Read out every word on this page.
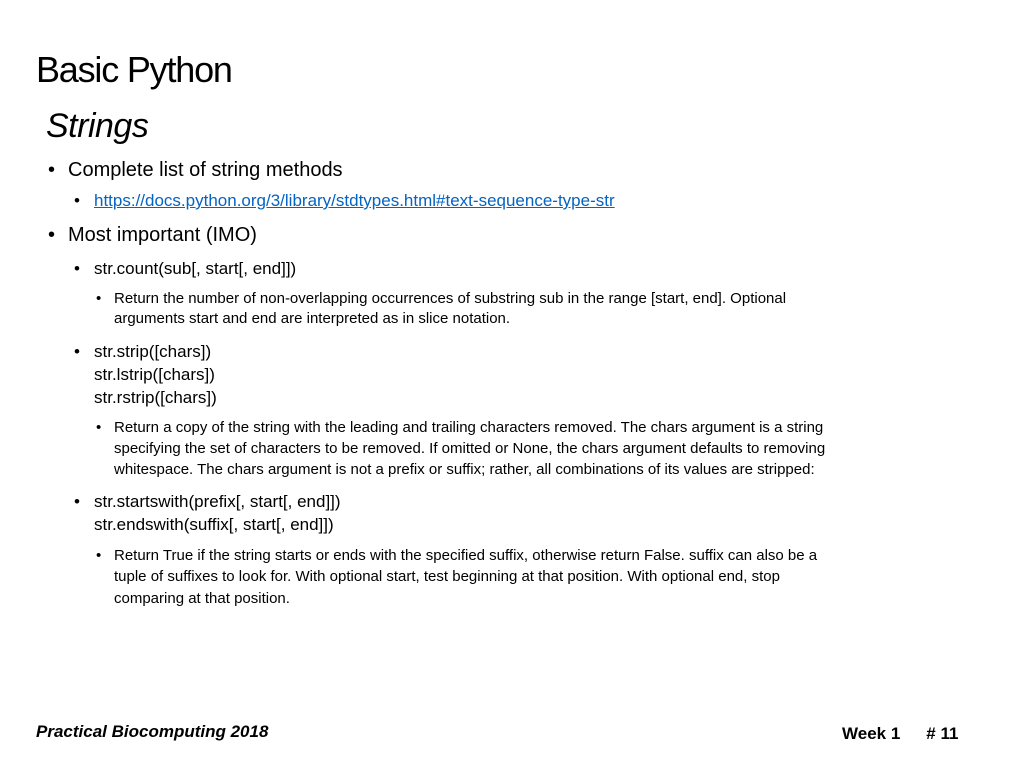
Basic Python
Strings
• Complete list of string methods
• https://docs.python.org/3/library/stdtypes.html#text-sequence-type-str
• Most important (IMO)
• str.count(sub[, start[, end]])
• Return the number of non-overlapping occurrences of substring sub in the range [start, end]. Optional
arguments start and end are interpreted as in slice notation.
• str.strip([chars])
str.lstrip([chars])
str.rstrip([chars])
• Return a copy of the string with the leading and trailing characters removed. The chars argument is a string
specifying the set of characters to be removed. If omitted or None, the chars argument defaults to removing
whitespace. The chars argument is not a prefix or suffix; rather, all combinations of its values are stripped:
• str.startswith(prefix[, start[, end]])
str.endswith(suffix[, start[, end]])
• Return True if the string starts or ends with the specified suffix, otherwise return False. suffix can also be a
tuple of suffixes to look for. With optional start, test beginning at that position. With optional end, stop
comparing at that position.
Practical Biocomputing 2018	Week 1 # 11
